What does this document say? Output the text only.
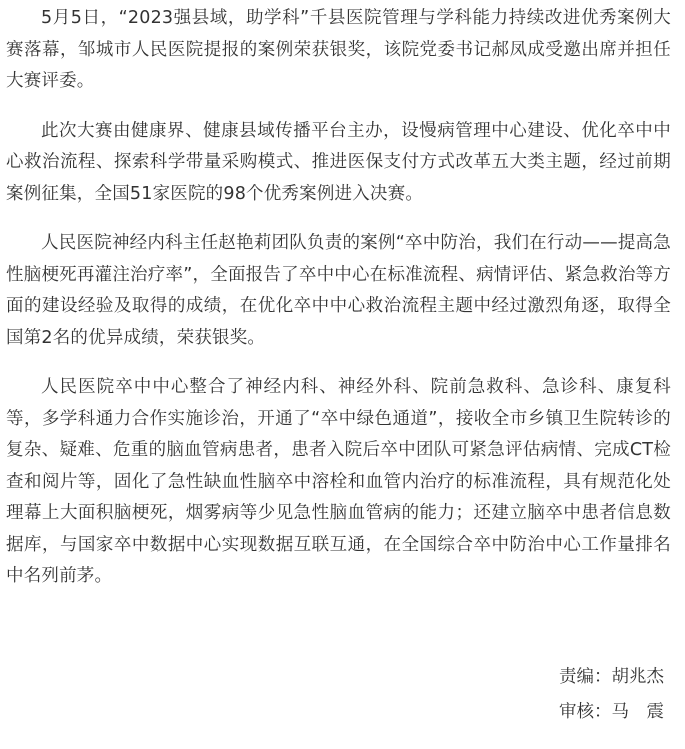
5月5日，“2023强县域，助学科”千县医院管理与学科能力持续改进优秀案例大赛落幕，邹城市人民医院提报的案例荣获银奖，该院党委书记郝凤成受邀出席并担任大赛评委。

此次大赛由健康界、健康县域传播平台主办，设慢病管理中心建设、优化卒中中心救治流程、探索科学带量采购模式、推进医保支付方式改革五大类主题，经过前期案例征集，全国51家医院的98个优秀案例进入决赛。

人民医院神经内科主任赵艳莉团队负责的案例“卒中防治，我们在行动——提高急性脑梗死再灌注治疗率”，全面报告了卒中中心在标准流程、病情评估、紧急救治等方面的建设经验及取得的成绩，在优化卒中中心救治流程主题中经过激烈角逐，取得全国第2名的优异成绩，荣获银奖。

人民医院卒中中心整合了神经内科、神经外科、院前急救科、急诊科、康复科等，多学科通力合作实施诊治，开通了“卒中绿色通道”，接收全市乡镇卫生院转诊的复杂、疑难、危重的脑血管病患者，患者入院后卒中团队可紧急评估病情、完成CT检查和阅片等，固化了急性缺血性脑卒中溶栓和血管内治疗的标准流程，具有规范化处理幕上大面积脑梗死，烟雾病等少见急性脑血管病的能力；还建立脑卒中患者信息数据库，与国家卒中数据中心实现数据互联互通，在全国综合卒中防治中心工作量排名中名列前茅。

责编：胡兆杰
审核：马　震
